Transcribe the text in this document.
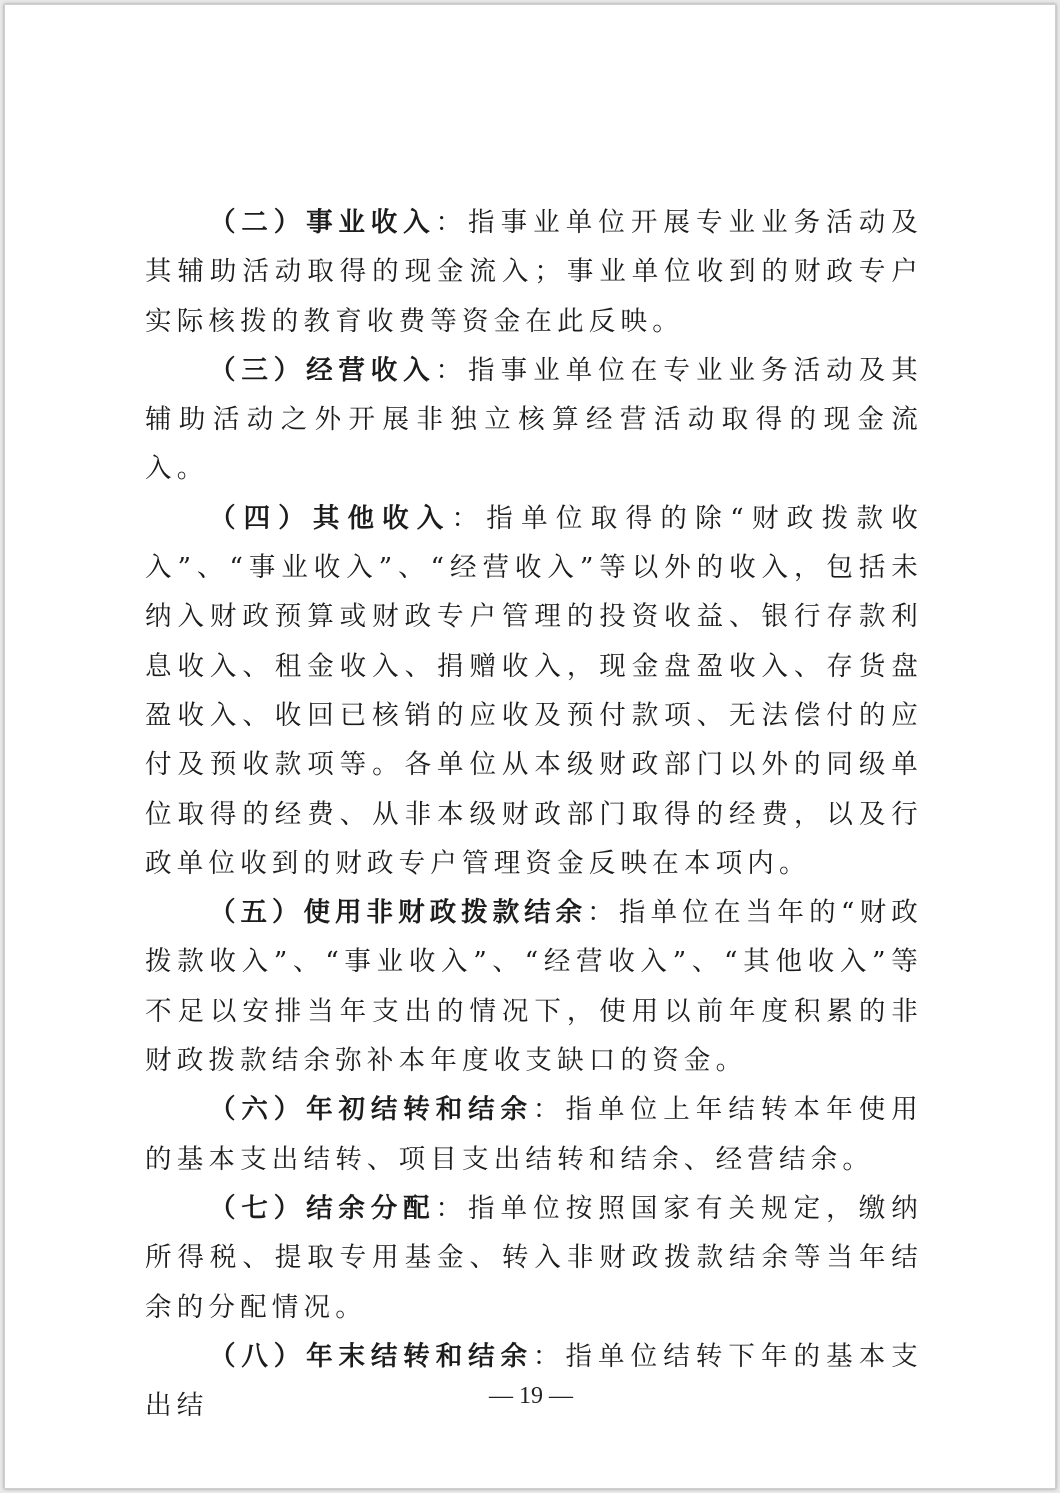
（二）事业收入：指事业单位开展专业业务活动及其辅助活动取得的现金流入；事业单位收到的财政专户实际核拨的教育收费等资金在此反映。

（三）经营收入：指事业单位在专业业务活动及其辅助活动之外开展非独立核算经营活动取得的现金流入。

（四）其他收入：指单位取得的除“财政拨款收入”、“事业收入”、“经营收入”等以外的收入，包括未纳入财政预算或财政专户管理的投资收益、银行存款利息收入、租金收入、捐赠收入，现金盘盈收入、存货盘盈收入、收回已核销的应收及预付款项、无法偿付的应付及预收款项等。各单位从本级财政部门以外的同级单位取得的经费、从非本级财政部门取得的经费，以及行政单位收到的财政专户管理资金反映在本项内。

（五）使用非财政拨款结余：指单位在当年的“财政拨款收入”、“事业收入”、“经营收入”、“其他收入”等不足以安排当年支出的情况下，使用以前年度积累的非财政拨款结余弥补本年度收支缺口的资金。

（六）年初结转和结余：指单位上年结转本年使用的基本支出结转、项目支出结转和结余、经营结余。

（七）结余分配：指单位按照国家有关规定，缴纳所得税、提取专用基金、转入非财政拨款结余等当年结余的分配情况。

（八）年末结转和结余：指单位结转下年的基本支出结	— 19 —
